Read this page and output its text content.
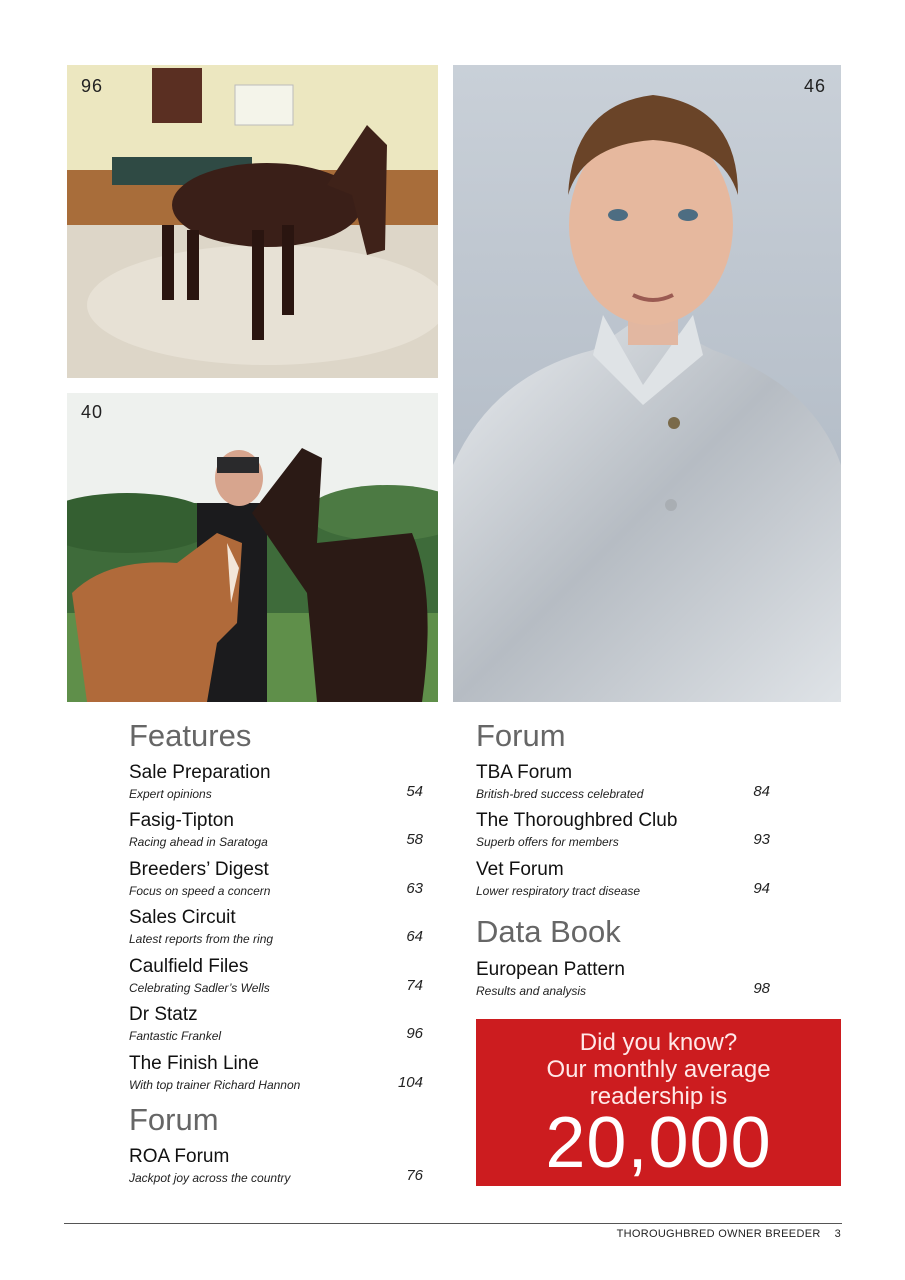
96	46
40
Features
Sale Preparation
Expert opinions	54
Fasig-Tipton
Racing ahead in Saratoga	58
Breeders’ Digest
Focus on speed a concern	63
Sales Circuit
Latest reports from the ring	64
Caulfield Files
Celebrating Sadler’s Wells	74
Dr Statz
Fantastic Frankel	96
The Finish Line
With top trainer Richard Hannon	104
Forum
ROA Forum
Jackpot joy across the country	76
Forum
TBA Forum
British-bred success celebrated	84
The Thoroughbred Club
Superb offers for members	93
Vet Forum
Lower respiratory tract disease	94
Data Book
European Pattern
Results and analysis	98
Did you know?
Our monthly average
readership is
20,000
THOROUGHBRED OWNER BREEDER 3
